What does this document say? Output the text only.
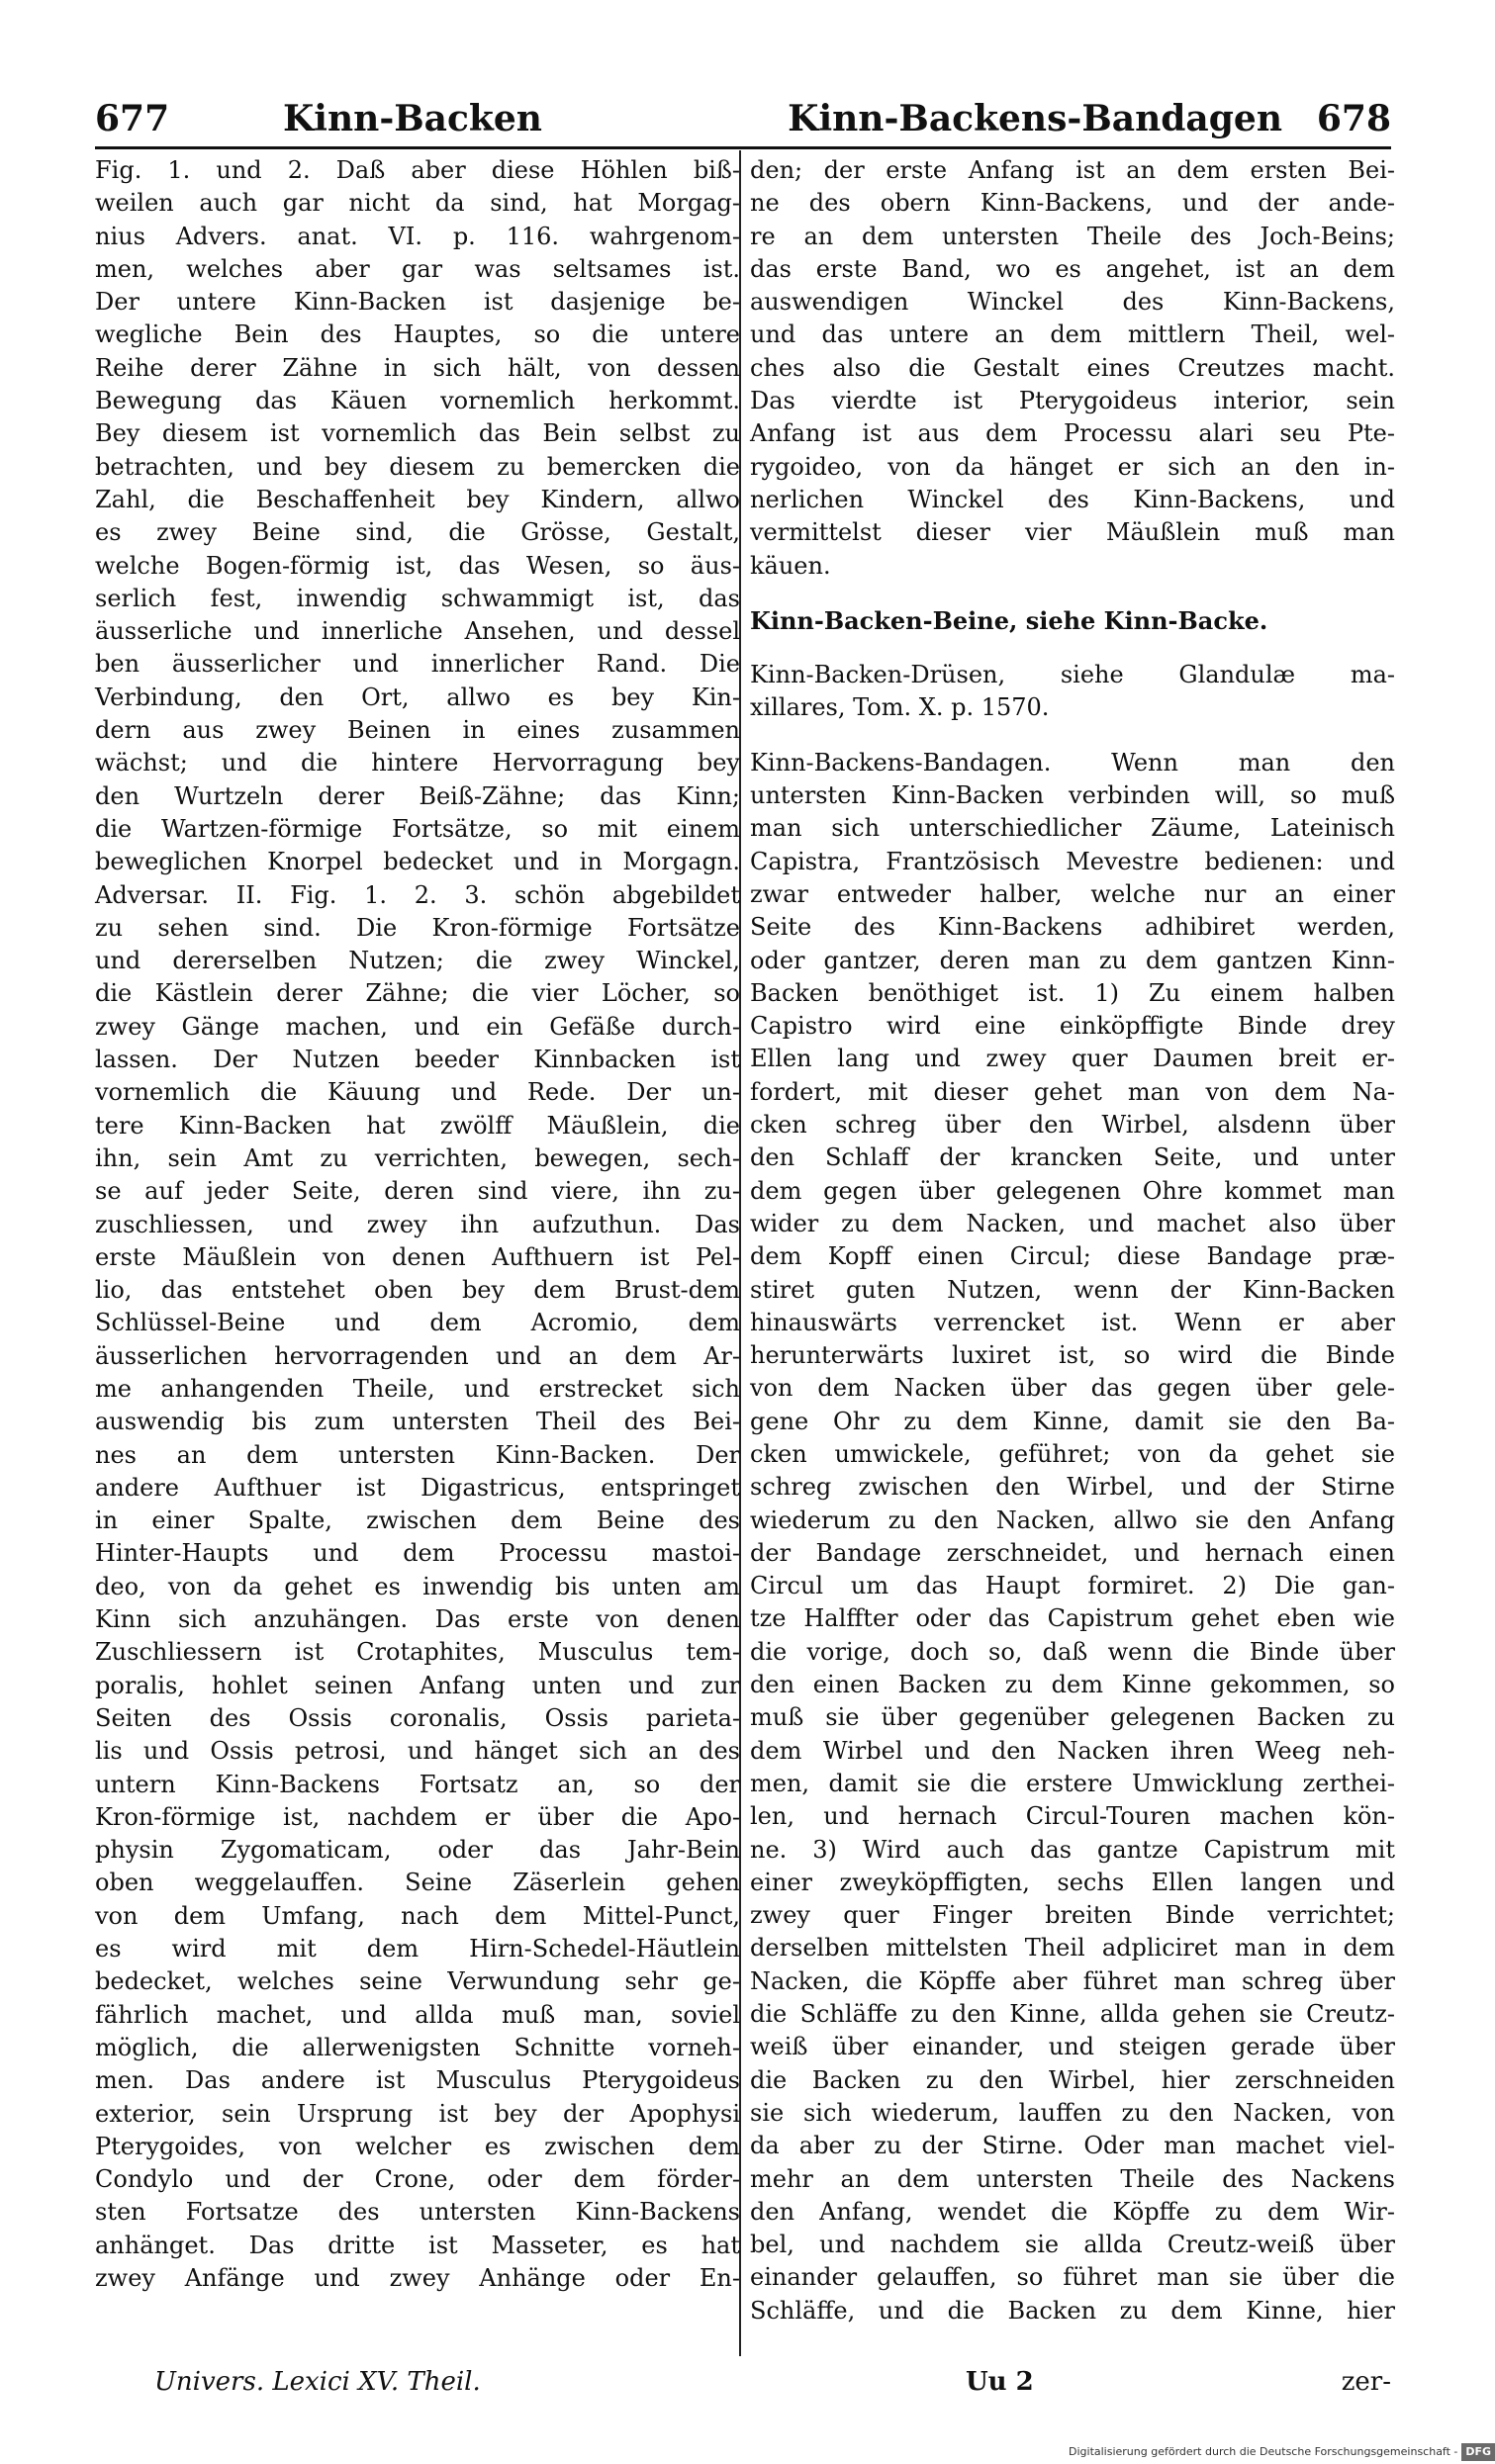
677	Kinn-Backen	Kinn-Backens-Bandagen 678
Fig. 1. und 2. Daß aber diese Höhlen biß-
weilen auch gar nicht da sind, hat Morgag-
nius Advers. anat. VI. p. 116. wahrgenom-
men, welches aber gar was seltsames ist.
Der untere Kinn-Backen ist dasjenige be-
wegliche Bein des Hauptes, so die untere
Reihe derer Zähne in sich hält, von dessen
Bewegung das Käuen vornemlich herkommt.
Bey diesem ist vornemlich das Bein selbst zu
betrachten, und bey diesem zu bemercken die
Zahl, die Beschaffenheit bey Kindern, allwo
es zwey Beine sind, die Grösse, Gestalt,
welche Bogen-förmig ist, das Wesen, so äus-
serlich fest, inwendig schwammigt ist, das
äusserliche und innerliche Ansehen, und dessel
ben äusserlicher und innerlicher Rand. Die
Verbindung, den Ort, allwo es bey Kin-
dern aus zwey Beinen in eines zusammen
wächst; und die hintere Hervorragung bey
den Wurtzeln derer Beiß-Zähne; das Kinn;
die Wartzen-förmige Fortsätze, so mit einem
beweglichen Knorpel bedecket und in Morgagn.
Adversar. II. Fig. 1. 2. 3. schön abgebildet
zu sehen sind. Die Kron-förmige Fortsätze
und dererselben Nutzen; die zwey Winckel,
die Kästlein derer Zähne; die vier Löcher, so
zwey Gänge machen, und ein Gefäße durch-
lassen. Der Nutzen beeder Kinnbacken ist
vornemlich die Käuung und Rede. Der un-
tere Kinn-Backen hat zwölff Mäußlein, die
ihn, sein Amt zu verrichten, bewegen, sech-
se auf jeder Seite, deren sind viere, ihn zu-
zuschliessen, und zwey ihn aufzuthun. Das
erste Mäußlein von denen Aufthuern ist Pel-
lio, das entstehet oben bey dem Brust-dem
Schlüssel-Beine und dem Acromio, dem
äusserlichen hervorragenden und an dem Ar-
me anhangenden Theile, und erstrecket sich
auswendig bis zum untersten Theil des Bei-
nes an dem untersten Kinn-Backen. Der
andere Aufthuer ist Digastricus, entspringet
in einer Spalte, zwischen dem Beine des
Hinter-Haupts und dem Processu mastoi-
deo, von da gehet es inwendig bis unten am
Kinn sich anzuhängen. Das erste von denen
Zuschliessern ist Crotaphites, Musculus tem-
poralis, hohlet seinen Anfang unten und zur
Seiten des Ossis coronalis, Ossis parieta-
lis und Ossis petrosi, und hänget sich an des
untern Kinn-Backens Fortsatz an, so der
Kron-förmige ist, nachdem er über die Apo-
physin Zygomaticam, oder das Jahr-Bein
oben weggelauffen. Seine Zäserlein gehen
von dem Umfang, nach dem Mittel-Punct,
es wird mit dem Hirn-Schedel-Häutlein
bedecket, welches seine Verwundung sehr ge-
fährlich machet, und allda muß man, soviel
möglich, die allerwenigsten Schnitte vorneh-
men. Das andere ist Musculus Pterygoideus
exterior, sein Ursprung ist bey der Apophysi
Pterygoides, von welcher es zwischen dem
Condylo und der Crone, oder dem förder-
sten Fortsatze des untersten Kinn-Backens
anhänget. Das dritte ist Masseter, es hat
zwey Anfänge und zwey Anhänge oder En-
den; der erste Anfang ist an dem ersten Bei-
ne des obern Kinn-Backens, und der ande-
re an dem untersten Theile des Joch-Beins;
das erste Band, wo es angehet, ist an dem
auswendigen Winckel des Kinn-Backens,
und das untere an dem mittlern Theil, wel-
ches also die Gestalt eines Creutzes macht.
Das vierdte ist Pterygoideus interior, sein
Anfang ist aus dem Processu alari seu Pte-
rygoideo, von da hänget er sich an den in-
nerlichen Winckel des Kinn-Backens, und
vermittelst dieser vier Mäußlein muß man
käuen.
Kinn-Backen-Beine, siehe Kinn-Backe.
Kinn-Backen-Drüsen, siehe Glandulæ ma-
xillares, Tom. X. p. 1570.
Kinn-Backens-Bandagen. Wenn man den
untersten Kinn-Backen verbinden will, so muß
man sich unterschiedlicher Zäume, Lateinisch
Capistra, Frantzösisch Mevestre bedienen: und
zwar entweder halber, welche nur an einer
Seite des Kinn-Backens adhibiret werden,
oder gantzer, deren man zu dem gantzen Kinn-
Backen benöthiget ist. 1) Zu einem halben
Capistro wird eine einköpffigte Binde drey
Ellen lang und zwey quer Daumen breit er-
fordert, mit dieser gehet man von dem Na-
cken schreg über den Wirbel, alsdenn über
den Schlaff der krancken Seite, und unter
dem gegen über gelegenen Ohre kommet man
wider zu dem Nacken, und machet also über
dem Kopff einen Circul; diese Bandage præ-
stiret guten Nutzen, wenn der Kinn-Backen
hinauswärts verrencket ist. Wenn er aber
herunterwärts luxiret ist, so wird die Binde
von dem Nacken über das gegen über gele-
gene Ohr zu dem Kinne, damit sie den Ba-
cken umwickele, geführet; von da gehet sie
schreg zwischen den Wirbel, und der Stirne
wiederum zu den Nacken, allwo sie den Anfang
der Bandage zerschneidet, und hernach einen
Circul um das Haupt formiret. 2) Die gan-
tze Halffter oder das Capistrum gehet eben wie
die vorige, doch so, daß wenn die Binde über
den einen Backen zu dem Kinne gekommen, so
muß sie über gegenüber gelegenen Backen zu
dem Wirbel und den Nacken ihren Weeg neh-
men, damit sie die erstere Umwicklung zerthei-
len, und hernach Circul-Touren machen kön-
ne. 3) Wird auch das gantze Capistrum mit
einer zweyköpffigten, sechs Ellen langen und
zwey quer Finger breiten Binde verrichtet;
derselben mittelsten Theil adpliciret man in dem
Nacken, die Köpffe aber führet man schreg über
die Schläffe zu den Kinne, allda gehen sie Creutz-
weiß über einander, und steigen gerade über
die Backen zu den Wirbel, hier zerschneiden
sie sich wiederum, lauffen zu den Nacken, von
da aber zu der Stirne. Oder man machet viel-
mehr an dem untersten Theile des Nackens
den Anfang, wendet die Köpffe zu dem Wir-
bel, und nachdem sie allda Creutz-weiß über
einander gelauffen, so führet man sie über die
Schläffe, und die Backen zu dem Kinne, hier
Univers. Lexici XV. Theil.	Uu 2	zer-
Digitalisierung gefördert durch die Deutsche Forschungsgemeinschaft - DFG
